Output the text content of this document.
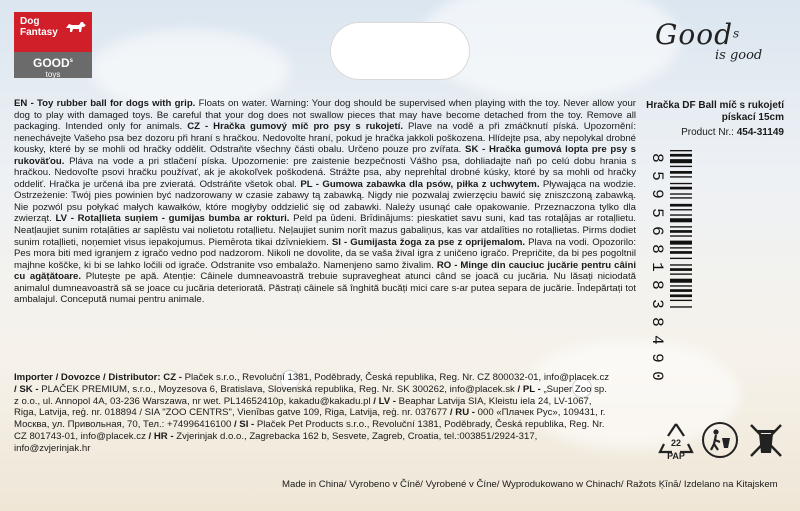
Dog
Fantasy
GOOD$^s$
toys
Good$^s$
is good
EN - Toy rubber ball for dogs with grip. Floats on water. Warning: Your dog should be supervised when playing with the toy. Never allow your dog to play with damaged toys. Be careful that your dog does not swallow pieces that may have become detached from the toy. Remove all packaging. Intended only for animals. CZ - Hračka gumový míč pro psy s rukojetí. Plave na vodě a při zmáčknutí píská. Upozornění: nenechávejte Vašeho psa bez dozoru při hraní s hračkou. Nedovolte hraní, pokud je hračka jakkoli poškozena. Hlídejte psa, aby nepolykal drobné kousky, které by se mohli od hračky oddělit. Odstraňte všechny části obalu. Určeno pouze pro zvířata. SK - Hračka gumová lopta pre psy s rukoväťou. Pláva na vode a pri stlačení píska. Upozornenie: pre zaistenie bezpečnosti Vášho psa, dohliadajte naň po celú dobu hrania s hračkou. Nedovoľte psovi hračku používať, ak je akokoľvek poškodená. Strážte psa, aby neprehĺtal drobné kúsky, ktoré by sa mohli od hračky oddeliť. Hračka je určená iba pre zvieratá. Odstráňte všetok obal. PL - Gumowa zabawka dla psów, piłka z uchwytem. Pływająca na wodzie. Ostrzeżenie: Twój pies powinien być nadzorowany w czasie zabawy tą zabawką. Nigdy nie pozwalaj zwierzęciu bawić się zniszczoną zabawką. Nie pozwól psu połykać małych kawałków, które mogłyby oddzielić się od zabawki. Należy usunąć całe opakowanie. Przeznaczona tylko dla zwierząt. LV - Rotaļlieta suņiem - gumijas bumba ar rokturi. Peld pa ūdeni. Brīdinājums: pieskatiet savu suni, kad tas rotaļājas ar rotaļlietu. Neatļaujiet sunim rotaļāties ar saplēstu vai nolietotu rotaļlietu. Neļaujiet sunim norīt mazus gabaliņus, kas var atdalīties no rotaļlietas. Pirms dodiet sunim rotaļlieti, noņemiet visus iepakojumus. Piemērota tikai dzīvniekiem. SI - Gumijasta žoga za pse z oprijemalom. Plava na vodi. Opozorilo: Pes mora biti med igranjem z igračo vedno pod nadzorom. Nikoli ne dovolite, da se vaša žival igra z uničeno igračo. Prepričite, da bi pes pogoltnil majhne koščke, ki bi se lahko ločili od igrače. Odstranite vso embalažo. Namenjeno samo živalim. RO - Minge din cauciuc jucărie pentru câini cu agățătoare. Plutește pe apă. Atenție: Câinele dumneavoastră trebuie supravegheat atunci când se joacă cu jucăria. Nu lăsați niciodată animalul dumneavoastră să se joace cu jucăria deteriorată. Păstrați câinele să înghită bucăți mici care s-ar putea separa de jucărie. Îndepărtați tot ambalajul. Concepută numai pentru animale.
Hračka DF Ball míč s rukojetí pískací 15cm
Product Nr.: 454-31149
8
5
9
5
6
8
1
8
3
8
4
9
0
Importer / Dovozce / Distributor: CZ - Plaček s.r.o., Revoluční 1381, Poděbrady, Česká republika, Reg. Nr. CZ 800032-01, info@placek.cz / SK - PLAČEK PREMIUM, s.r.o., Moyzesova 6, Bratislava, Slovenská republika, Reg. Nr. SK 300262, info@placek.sk / PL - „Super Zoo sp. z o.o., ul. Annopol 4A, 03-236 Warszawa, nr wet. PL14652410p, kakadu@kakadu.pl / LV - Beaphar Latvija SIA, Kleistu iela 24, LV-1067, Riga, Latvija, reģ. nr. 018894 / SIA "ZOO CENTRS", Vienības gatve 109, Riga, Latvija, reģ. nr. 037677 / RU - 000 «Плачек Рус», 109431, г. Москва, ул. Привольная, 70, Тел.: +74996416100 / SI - Plaček Pet Products s.r.o., Revoluční 1381, Poděbrady, Česká republika, Reg. Nr. CZ 801743-01, info@placek.cz / HR - Zvjerinjak d.o.o., Zagrebacka 162 b, Sesvete, Zagreb, Croatia, tel.:003851/2924-317, info@zvjerinjak.hr
Made in China/ Vyrobeno v Číně/ Vyrobené v Číne/ Wyprodukowano w Chinach/ Ražots Ķīnā/ Izdelano na Kitajskem
22
PAP
